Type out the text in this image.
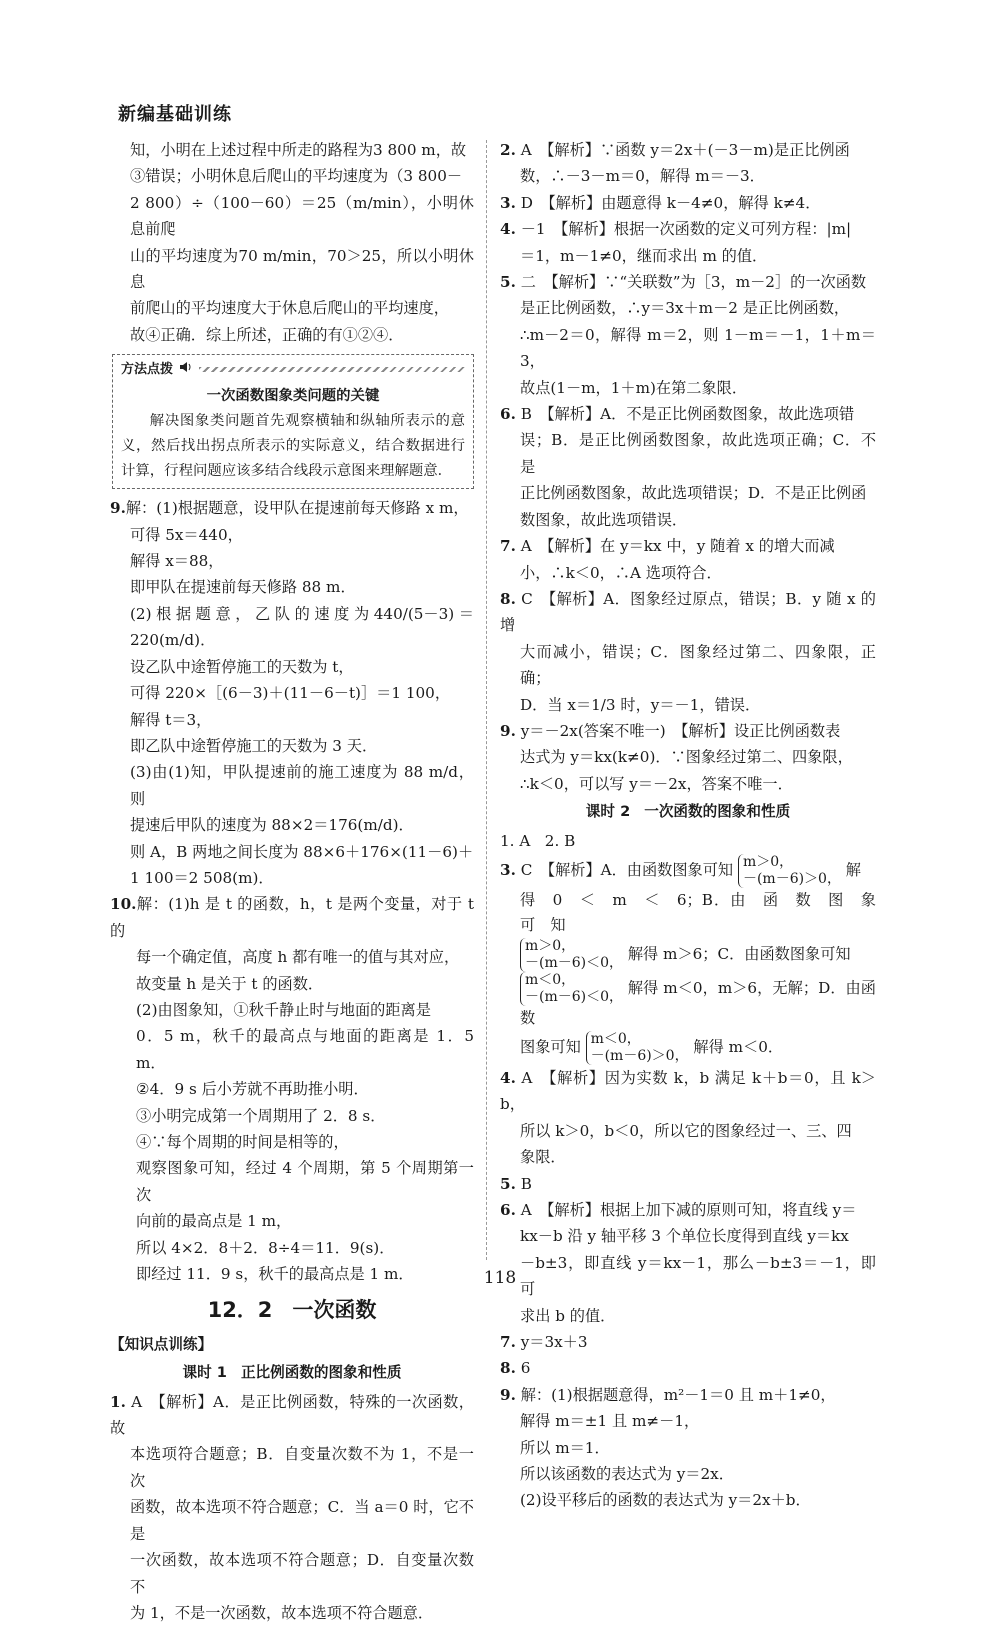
新编基础训练

知，小明在上述过程中所走的路程为3 800 m，故

③错误；小明休息后爬山的平均速度为（3 800－

2 800）÷（100－60）＝25（m/min），小明休息前爬

山的平均速度为70 m/min，70＞25，所以小明休息

前爬山的平均速度大于休息后爬山的平均速度，

故④正确．综上所述，正确的有①②④．

方法点拨
一次函数图象类问题的关键
解决图象类问题首先观察横轴和纵轴所表示的意义，然后找出拐点所表示的实际意义，结合数据进行计算，行程问题应该多结合线段示意图来理解题意．

9.解：(1)根据题意，设甲队在提速前每天修路 x m，

可得 5x＝440，

解得 x＝88，

即甲队在提速前每天修路 88 m．

(2)根据题意，乙队的速度为440/(5－3)＝220(m/d)．

设乙队中途暂停施工的天数为 t，

可得 220×［(6－3)＋(11－6－t)］＝1 100，

解得 t＝3，

即乙队中途暂停施工的天数为 3 天．

(3)由(1)知，甲队提速前的施工速度为 88 m/d，则

提速后甲队的速度为 88×2＝176(m/d)．

则 A，B 两地之间长度为 88×6＋176×(11－6)＋

1 100＝2 508(m)．

10.解：(1)h 是 t 的函数，h，t 是两个变量，对于 t 的

每一个确定值，高度 h 都有唯一的值与其对应，

故变量 h 是关于 t 的函数．

(2)由图象知，①秋千静止时与地面的距离是

0．5 m，秋千的最高点与地面的距离是 1．5 m．

②4．9 s 后小芳就不再助推小明．

③小明完成第一个周期用了 2．8 s．

④∵每个周期的时间是相等的，

观察图象可知，经过 4 个周期，第 5 个周期第一次

向前的最高点是 1 m，

所以 4×2．8＋2．8÷4＝11．9(s)．

即经过 11．9 s，秋千的最高点是 1 m．

12．2 一次函数
【知识点训练】
课时 1 正比例函数的图象和性质

1. A　【解析】A．是正比例函数，特殊的一次函数，故

本选项符合题意；B．自变量次数不为 1，不是一次

函数，故本选项不符合题意；C．当 a＝0 时，它不是

一次函数，故本选项不符合题意；D．自变量次数不

为 1，不是一次函数，故本选项不符合题意．

2. A　【解析】∵函数 y＝2x＋(－3－m)是正比例函

数，∴－3－m＝0，解得 m＝－3．

3. D　【解析】由题意得 k－4≠0，解得 k≠4．

4. －1　【解析】根据一次函数的定义可列方程：|m|

＝1，m－1≠0，继而求出 m 的值．

5. 二　【解析】∵“关联数”为［3，m－2］的一次函数

是正比例函数，∴y＝3x＋m－2 是正比例函数，

∴m－2＝0，解得 m＝2，则 1－m＝－1，1＋m＝3，

故点(1－m，1＋m)在第二象限．

6. B　【解析】A．不是正比例函数图象，故此选项错

误；B．是正比例函数图象，故此选项正确；C．不是

正比例函数图象，故此选项错误；D．不是正比例函

数图象，故此选项错误．

7. A　【解析】在 y＝kx 中，y 随着 x 的增大而减

小，∴k＜0，∴A 选项符合．

8. C　【解析】A．图象经过原点，错误；B．y 随 x 的增

大而减小，错误；C．图象经过第二、四象限，正确；

D．当 x＝1/3 时，y＝－1，错误．

9. y＝－2x(答案不唯一)　【解析】设正比例函数表

达式为 y＝kx(k≠0)．∵图象经过第二、四象限，

∴k＜0，可以写 y＝－2x，答案不唯一．

课时 2 一次函数的图象和性质

1. A 2. B

3. C　【解析】A．由函数图象可知 m＞0，
－(m－6)＞0， 解

得　0　＜　m　＜　6；B．由　函　数　图　象　可　知

m＞0，
－(m－6)＜0， 解得 m＞6；C．由函数图象可知

m＜0，
－(m－6)＜0， 解得 m＜0，m＞6，无解；D．由函数

图象可知 m＜0，
－(m－6)＞0， 解得 m＜0．

4. A　【解析】因为实数 k，b 满足 k＋b＝0，且 k＞b，

所以 k＞0，b＜0，所以它的图象经过一、三、四

象限．

5. B

6. A　【解析】根据上加下减的原则可知，将直线 y＝

kx－b 沿 y 轴平移 3 个单位长度得到直线 y＝kx

－b±3，即直线 y＝kx－1，那么－b±3＝－1，即可

求出 b 的值．

7. y＝3x＋3

8. 6

9. 解：(1)根据题意得，m²－1＝0 且 m＋1≠0，

解得 m＝±1 且 m≠－1，

所以 m＝1．

所以该函数的表达式为 y＝2x．

(2)设平移后的函数的表达式为 y＝2x＋b．

118
